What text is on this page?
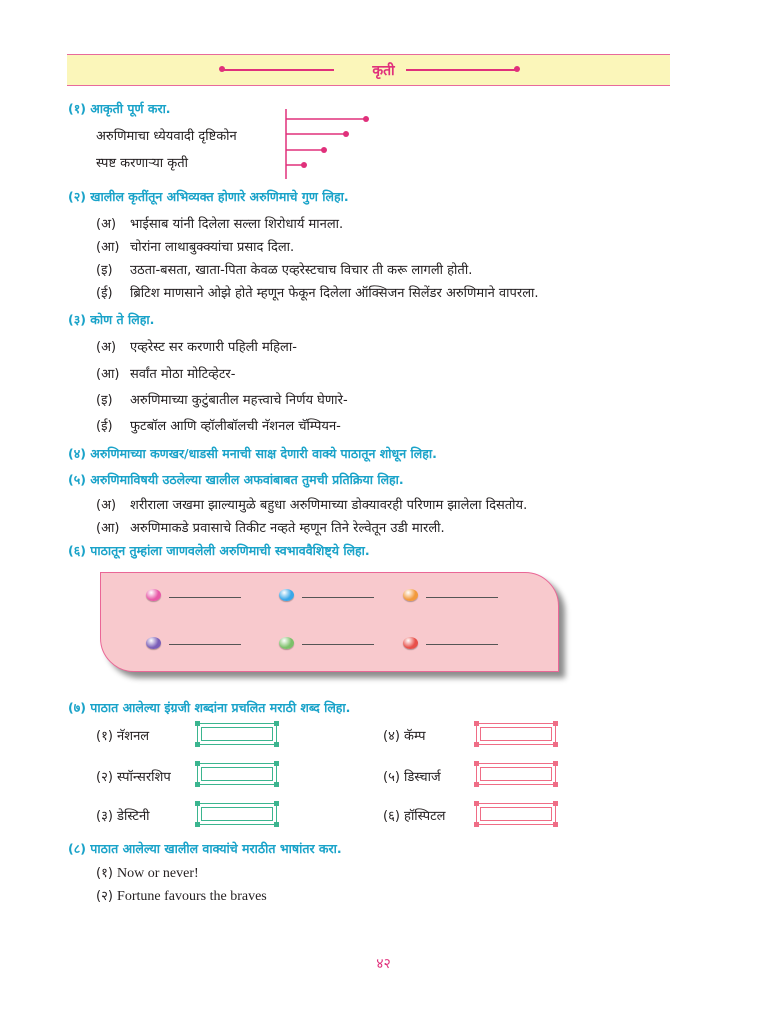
कृती
(१) आकृती पूर्ण करा.
अरुणिमाचा ध्येयवादी दृष्टिकोन
स्पष्ट करणाऱ्या कृती
(२) खालील कृतींतून अभिव्यक्त होणारे अरुणिमाचे गुण लिहा.
(अ) भाईसाब यांनी दिलेला सल्ला शिरोधार्य मानला.
(आ) चोरांना लाथाबुक्क्यांचा प्रसाद दिला.
(इ) उठता-बसता, खाता-पिता केवळ एव्हरेस्टचाच विचार ती करू लागली होती.
(ई) ब्रिटिश माणसाने ओझे होते म्हणून फेकून दिलेला ऑक्सिजन सिलेंडर अरुणिमाने वापरला.
(३) कोण ते लिहा.
(अ) एव्हरेस्ट सर करणारी पहिली महिला-
(आ) सर्वांत मोठा मोटिव्हेटर-
(इ) अरुणिमाच्या कुटुंबातील महत्त्वाचे निर्णय घेणारे-
(ई) फुटबॉल आणि व्हॉलीबॉलची नॅशनल चॅम्पियन-
(४) अरुणिमाच्या कणखर/धाडसी मनाची साक्ष देणारी वाक्ये पाठातून शोधून लिहा.
(५) अरुणिमाविषयी उठलेल्या खालील अफवांबाबत तुमची प्रतिक्रिया लिहा.
(अ) शरीराला जखमा झाल्यामुळे बहुधा अरुणिमाच्या डोक्यावरही परिणाम झालेला दिसतोय.
(आ) अरुणिमाकडे प्रवासाचे तिकीट नव्हते म्हणून तिने रेल्वेतून उडी मारली.
(६) पाठातून तुम्हांला जाणवलेली अरुणिमाची स्वभाववैशिष्ट्ये लिहा.
(७) पाठात आलेल्या इंग्रजी शब्दांना प्रचलित मराठी शब्द लिहा.
(१) नॅशनल
(२) स्पॉन्सरशिप
(३) डेस्टिनी
(४) कॅम्प
(५) डिस्चार्ज
(६) हॉस्पिटल
(८) पाठात आलेल्या खालील वाक्यांचे मराठीत भाषांतर करा.
(१) Now or never!
(२) Fortune favours the braves
४२
